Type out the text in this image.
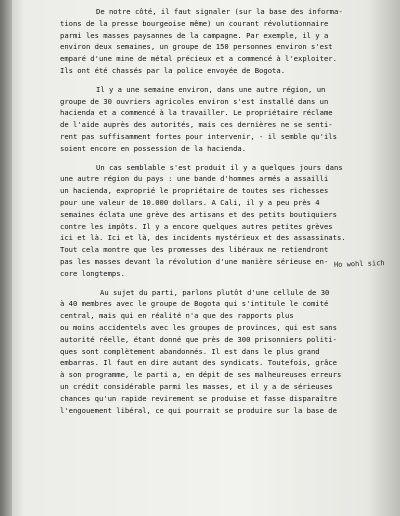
De notre côté, il faut signaler (sur la base des informa-
tions de la presse bourgeoise même) un courant révolutionnaire
parmi les masses paysannes de la campagne. Par exemple, il y a
environ deux semaines, un groupe de 150 personnes environ s'est
emparé d'une mine de métal précieux et a commencé à l'exploiter.
Ils ont été chassés par la police envoyée de Bogota.
Il y a une semaine environ, dans une autre région, un
groupe de 30 ouvriers agricoles environ s'est installé dans un
hacienda et a commencé à la travailler. Le propriétaire réclame
de l'aide auprès des autorités, mais ces dernières ne se senti-
rent pas suffisamment fortes pour intervenir, - il semble qu'ils
soient encore en possession de la hacienda.
Un cas semblable s'est produit il y a quelques jours dans
une autre région du pays : une bande d'hommes armés a assailli
un hacienda, exproprié le propriétaire de toutes ses richesses
pour une valeur de 10.000 dollars. A Cali, il y a peu près 4
semaines éclata une grève des artisans et des petits boutiquiers
contre les impôts. Il y a encore quelques autres petites grèves
ici et là. Ici et là, des incidents mystérieux et des assassinats.
Tout cela montre que les promesses des libéraux ne retiendront
pas les masses devant la révolution d'une manière sérieuse en-
core longtemps.
Au sujet du parti, parlons plutôt d'une cellule de 30
à 40 membres avec le groupe de Bogota qui s'intitule le comité
central, mais qui en réalité n'a que des rapports plus
ou moins accidentels avec les groupes de provinces, qui est sans
autorité réelle, étant donné que près de 300 prisonniers politi-
ques sont complètement abandonnés. Il est dans le plus grand
embarras. Il faut en dire autant des syndicats. Toutefois, grâce
à son programme, le parti a, en dépit de ses malheureuses erreurs
un crédit considérable parmi les masses, et il y a de sérieuses
chances qu'un rapide revirement se produise et fasse disparaître
l'engouement libéral, ce qui pourrait se produire sur la base de
Ho wohl sich
